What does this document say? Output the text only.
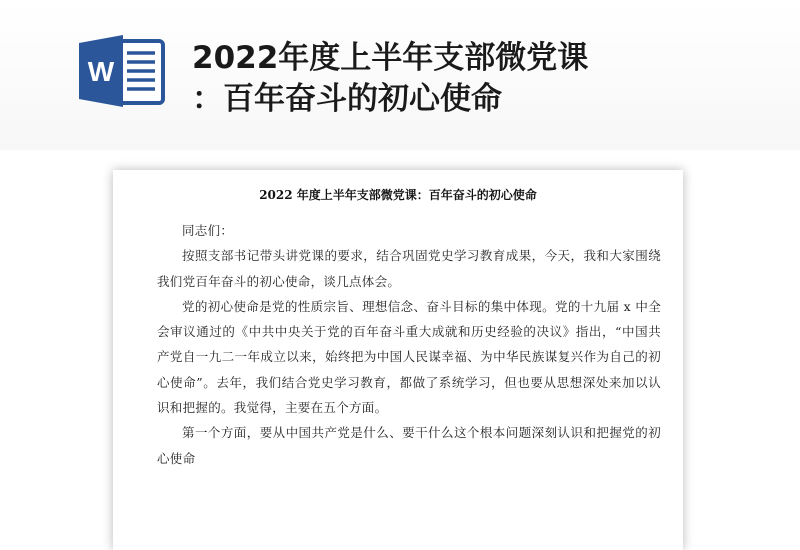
W	2022年度上半年支部微党课
：百年奋斗的初心使命
2022 年度上半年支部微党课：百年奋斗的初心使命

同志们：

按照支部书记带头讲党课的要求，结合巩固党史学习教育成果，今天，我和大家围绕我们党百年奋斗的初心使命，谈几点体会。

党的初心使命是党的性质宗旨、理想信念、奋斗目标的集中体现。党的十九届 x 中全会审议通过的《中共中央关于党的百年奋斗重大成就和历史经验的决议》指出，“中国共产党自一九二一年成立以来，始终把为中国人民谋幸福、为中华民族谋复兴作为自己的初心使命”。去年，我们结合党史学习教育，都做了系统学习，但也要从思想深处来加以认识和把握的。我觉得，主要在五个方面。

第一个方面，要从中国共产党是什么、要干什么这个根本问题深刻认识和把握党的初心使命
